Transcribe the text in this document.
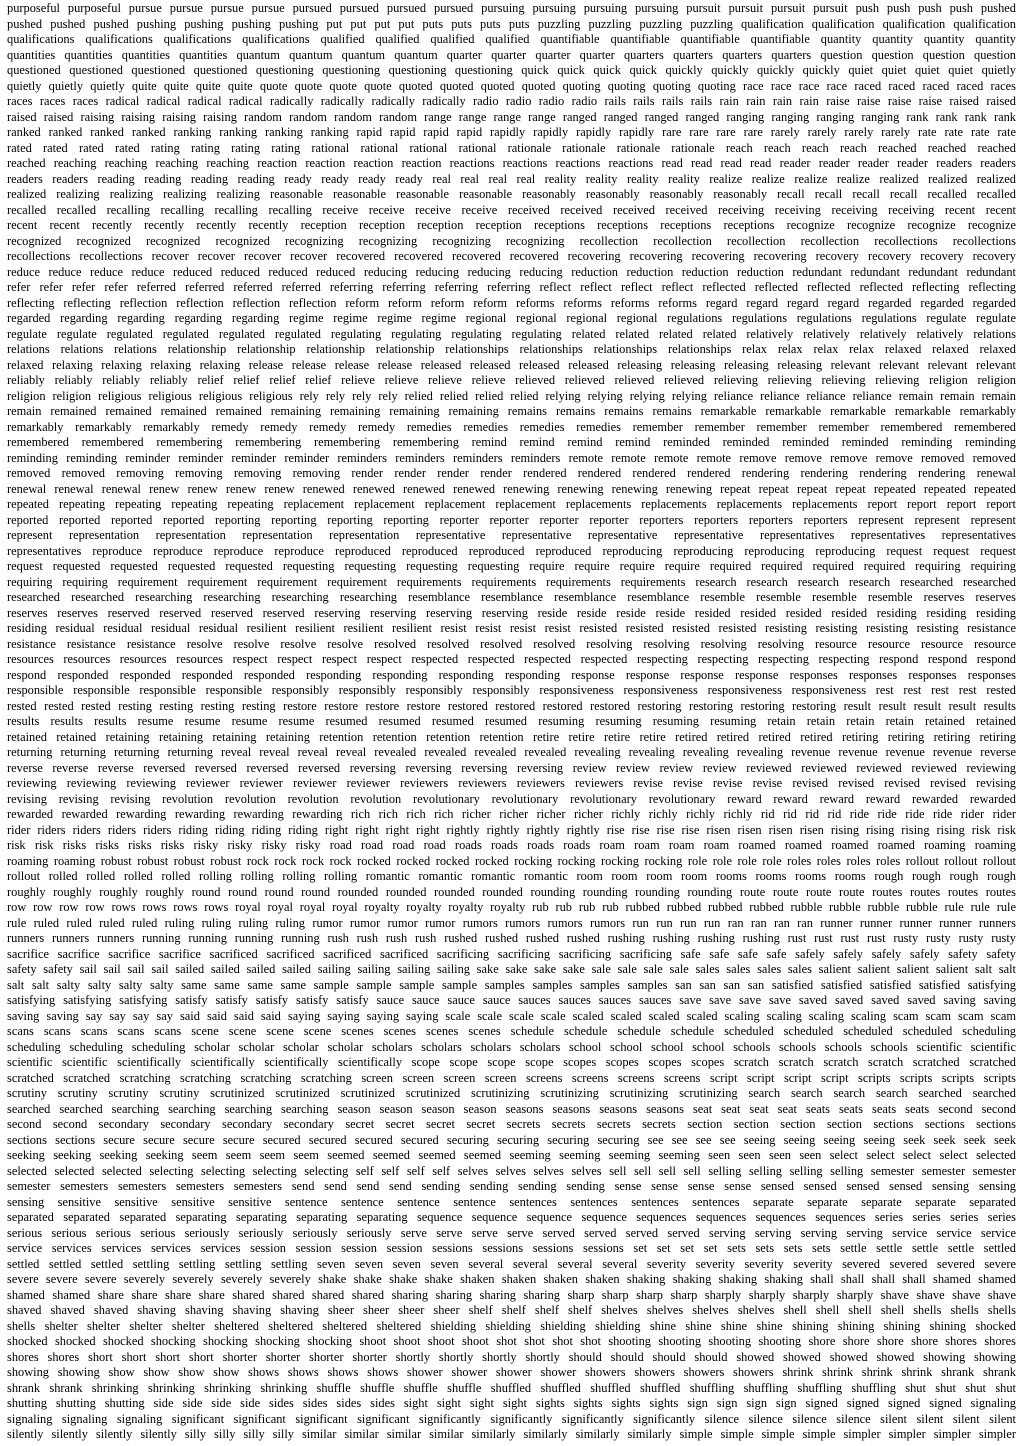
purposeful purposeful pursue pursue pursue pursue pursued pursued pursued pursued pursuing pursuing pursuing pursuing pursuit pursuit pursuit pursuit push push push push pushed
pushed pushed pushed pushing pushing pushing pushing put put put put puts puts puts puts puzzling puzzling puzzling puzzling qualification qualification qualification qualification
qualifications qualifications qualifications qualifications qualified qualified qualified qualified quantifiable quantifiable quantifiable quantifiable quantity quantity quantity quantity
quantities quantities quantities quantities quantum quantum quantum quantum quarter quarter quarter quarter quarters quarters quarters quarters question question question question
questioned questioned questioned questioned questioning questioning questioning questioning quick quick quick quick quickly quickly quickly quickly quiet quiet quiet quiet quietly
quietly quietly quietly quite quite quite quite quote quote quote quote quoted quoted quoted quoted quoting quoting quoting quoting race race race race raced raced raced raced races
races races races radical radical radical radical radically radically radically radically radio radio radio radio rails rails rails rails rain rain rain rain raise raise raise raise raised raised
raised raised raising raising raising raising random random random random range range range range ranged ranged ranged ranged ranging ranging ranging ranging rank rank rank rank
ranked ranked ranked ranked ranking ranking ranking ranking rapid rapid rapid rapid rapidly rapidly rapidly rapidly rare rare rare rare rarely rarely rarely rarely rate rate rate rate
rated rated rated rated rating rating rating rating rational rational rational rational rationale rationale rationale rationale reach reach reach reach reached reached reached
reached reaching reaching reaching reaching reaction reaction reaction reaction reactions reactions reactions reactions read read read read reader reader reader reader readers readers
readers readers reading reading reading reading ready ready ready ready real real real real reality reality reality reality realize realize realize realize realized realized realized
realized realizing realizing realizing realizing reasonable reasonable reasonable reasonable reasonably reasonably reasonably reasonably recall recall recall recall recalled recalled
recalled recalled recalling recalling recalling recalling receive receive receive receive received received received received receiving receiving receiving receiving recent recent
recent recent recently recently recently recently reception reception reception reception receptions receptions receptions receptions recognize recognize recognize recognize
recognized recognized recognized recognized recognizing recognizing recognizing recognizing recollection recollection recollection recollection recollections recollections
recollections recollections recover recover recover recover recovered recovered recovered recovered recovering recovering recovering recovering recovery recovery recovery recovery
reduce reduce reduce reduce reduced reduced reduced reduced reducing reducing reducing reducing reduction reduction reduction reduction redundant redundant redundant redundant
refer refer refer refer referred referred referred referred referring referring referring referring reflect reflect reflect reflect reflected reflected reflected reflected reflecting reflecting
reflecting reflecting reflection reflection reflection reflection reform reform reform reform reforms reforms reforms reforms regard regard regard regard regarded regarded regarded
regarded regarding regarding regarding regarding regime regime regime regime regional regional regional regional regulations regulations regulations regulations regulate regulate
regulate regulate regulated regulated regulated regulated regulating regulating regulating regulating related related related related relatively relatively relatively relatively relations
relations relations relations relationship relationship relationship relationship relationships relationships relationships relationships relax relax relax relax relaxed relaxed relaxed
relaxed relaxing relaxing relaxing relaxing release release release release released released released released releasing releasing releasing releasing relevant relevant relevant relevant
reliably reliably reliably reliably relief relief relief relief relieve relieve relieve relieve relieved relieved relieved relieved relieving relieving relieving relieving religion religion
religion religion religious religious religious religious rely rely rely rely relied relied relied relied relying relying relying relying reliance reliance reliance reliance remain remain remain
remain remained remained remained remained remaining remaining remaining remaining remains remains remains remains remarkable remarkable remarkable remarkable remarkably
remarkably remarkably remarkably remedy remedy remedy remedy remedies remedies remedies remedies remember remember remember remember remembered remembered
remembered remembered remembering remembering remembering remembering remind remind remind remind reminded reminded reminded reminded reminding reminding
reminding reminding reminder reminder reminder reminder reminders reminders reminders reminders remote remote remote remote remove remove remove remove removed removed
removed removed removing removing removing removing render render render render rendered rendered rendered rendered rendering rendering rendering rendering renewal
renewal renewal renewal renew renew renew renew renewed renewed renewed renewed renewing renewing renewing renewing repeat repeat repeat repeat repeated repeated repeated
repeated repeating repeating repeating repeating replacement replacement replacement replacement replacements replacements replacements replacements report report report report
reported reported reported reported reporting reporting reporting reporting reporter reporter reporter reporter reporters reporters reporters reporters represent represent represent
represent representation representation representation representation representative representative representative representative representatives representatives representatives
representatives reproduce reproduce reproduce reproduce reproduced reproduced reproduced reproduced reproducing reproducing reproducing reproducing request request request
request requested requested requested requested requesting requesting requesting requesting require require require require required required required required requiring requiring
requiring requiring requirement requirement requirement requirement requirements requirements requirements requirements research research research research researched researched
researched researched researching researching researching researching resemblance resemblance resemblance resemblance resemble resemble resemble resemble reserves reserves
reserves reserves reserved reserved reserved reserved reserving reserving reserving reserving reside reside reside reside resided resided resided resided residing residing residing
residing residual residual residual residual resilient resilient resilient resilient resist resist resist resist resisted resisted resisted resisted resisting resisting resisting resisting resistance
resistance resistance resistance resolve resolve resolve resolve resolved resolved resolved resolved resolving resolving resolving resolving resource resource resource resource
resources resources resources resources respect respect respect respect respected respected respected respected respecting respecting respecting respecting respond respond respond
respond responded responded responded responded responding responding responding responding response response response response responses responses responses responses
responsible responsible responsible responsible responsibly responsibly responsibly responsibly responsiveness responsiveness responsiveness responsiveness rest rest rest rest rested
rested rested rested resting resting resting resting restore restore restore restore restored restored restored restored restoring restoring restoring restoring result result result result results
results results results resume resume resume resume resumed resumed resumed resumed resuming resuming resuming resuming retain retain retain retain retained retained
retained retained retaining retaining retaining retaining retention retention retention retention retire retire retire retire retired retired retired retired retiring retiring retiring retiring
returning returning returning returning reveal reveal reveal reveal revealed revealed revealed revealed revealing revealing revealing revealing revenue revenue revenue revenue reverse
reverse reverse reverse reversed reversed reversed reversed reversing reversing reversing reversing review review review review reviewed reviewed reviewed reviewed reviewing
reviewing reviewing reviewing reviewer reviewer reviewer reviewer reviewers reviewers reviewers reviewers revise revise revise revise revised revised revised revised revising
revising revising revising revolution revolution revolution revolution revolutionary revolutionary revolutionary revolutionary reward reward reward reward rewarded rewarded
rewarded rewarded rewarding rewarding rewarding rewarding rich rich rich rich richer richer richer richer richly richly richly richly rid rid rid rid ride ride ride ride rider rider
rider riders riders riders riders riding riding riding riding right right right right rightly rightly rightly rightly rise rise rise rise risen risen risen risen rising rising rising rising risk risk
risk risk risks risks risks risks risky risky risky risky road road road road roads roads roads roads roam roam roam roam roamed roamed roamed roamed roaming roaming
roaming roaming robust robust robust robust rock rock rock rock rocked rocked rocked rocked rocking rocking rocking rocking role role role role roles roles roles roles rollout rollout rollout
rollout rolled rolled rolled rolled rolling rolling rolling rolling romantic romantic romantic romantic room room room room rooms rooms rooms rooms rough rough rough rough
roughly roughly roughly roughly round round round round rounded rounded rounded rounded rounding rounding rounding rounding route route route route routes routes routes routes
row row row row rows rows rows rows royal royal royal royal royalty royalty royalty royalty rub rub rub rub rubbed rubbed rubbed rubbed rubble rubble rubble rubble rule rule rule
rule ruled ruled ruled ruled ruling ruling ruling ruling rumor rumor rumor rumor rumors rumors rumors rumors run run run run ran ran ran ran runner runner runner runner runners
runners runners runners running running running running rush rush rush rush rushed rushed rushed rushed rushing rushing rushing rushing rust rust rust rust rusty rusty rusty rusty
sacrifice sacrifice sacrifice sacrifice sacrificed sacrificed sacrificed sacrificed sacrificing sacrificing sacrificing sacrificing safe safe safe safe safely safely safely safely safety safety
safety safety sail sail sail sail sailed sailed sailed sailed sailing sailing sailing sailing sake sake sake sake sale sale sale sale sales sales sales sales salient salient salient salient salt salt
salt salt salty salty salty salty same same same same sample sample sample sample samples samples samples samples san san san san satisfied satisfied satisfied satisfied satisfying
satisfying satisfying satisfying satisfy satisfy satisfy satisfy satisfy sauce sauce sauce sauce sauces sauces sauces sauces save save save save saved saved saved saved saving saving
saving saving say say say say said said said said saying saying saying saying scale scale scale scale scaled scaled scaled scaled scaling scaling scaling scaling scam scam scam scam
scans scans scans scans scans scene scene scene scene scenes scenes scenes scenes schedule schedule schedule schedule scheduled scheduled scheduled scheduled scheduling
scheduling scheduling scheduling scholar scholar scholar scholar scholars scholars scholars scholars school school school school schools schools schools schools scientific scientific
scientific scientific scientifically scientifically scientifically scientifically scope scope scope scope scopes scopes scopes scopes scratch scratch scratch scratch scratched scratched
scratched scratched scratching scratching scratching scratching screen screen screen screen screens screens screens screens script script script script scripts scripts scripts scripts
scrutiny scrutiny scrutiny scrutiny scrutinized scrutinized scrutinized scrutinized scrutinizing scrutinizing scrutinizing scrutinizing search search search search searched searched
searched searched searching searching searching searching season season season season seasons seasons seasons seasons seat seat seat seat seats seats seats seats second second
second second secondary secondary secondary secondary secret secret secret secret secrets secrets secrets secrets section section section section sections sections sections
sections sections secure secure secure secure secured secured secured secured securing securing securing securing see see see see seeing seeing seeing seeing seek seek seek seek
seeking seeking seeking seeking seem seem seem seem seemed seemed seemed seemed seeming seeming seeming seeming seen seen seen seen select select select select selected
selected selected selected selecting selecting selecting selecting self self self self selves selves selves selves sell sell sell sell selling selling selling selling semester semester semester
semester semesters semesters semesters semesters send send send send sending sending sending sending sense sense sense sense sensed sensed sensed sensed sensing sensing
sensing sensitive sensitive sensitive sensitive sentence sentence sentence sentence sentences sentences sentences sentences separate separate separate separate separated
separated separated separated separating separating separating separating sequence sequence sequence sequence sequences sequences sequences sequences series series series series
serious serious serious serious seriously seriously seriously seriously serve serve serve serve served served served served serving serving serving serving service service service
service services services services services session session session session sessions sessions sessions sessions set set set set sets sets sets sets settle settle settle settle settled
settled settled settled settling settling settling settling seven seven seven seven several several several several severity severity severity severity severed severed severed severe
severe severe severe severely severely severely severely shake shake shake shake shaken shaken shaken shaken shaking shaking shaking shaking shall shall shall shall shamed shamed
shamed shamed share share share share shared shared shared shared sharing sharing sharing sharing sharp sharp sharp sharp sharply sharply sharply sharply shave shave shave shave
shaved shaved shaved shaving shaving shaving shaving sheer sheer sheer sheer shelf shelf shelf shelf shelves shelves shelves shelves shell shell shell shell shells shells shells
shells shelter shelter shelter shelter sheltered sheltered sheltered sheltered shielding shielding shielding shielding shine shine shine shine shining shining shining shining shocked
shocked shocked shocked shocking shocking shocking shocking shoot shoot shoot shoot shot shot shot shot shooting shooting shooting shooting shore shore shore shore shores shores
shores shores short short short short shorter shorter shorter shorter shortly shortly shortly shortly should should should should showed showed showed showed showing showing
showing showing show show show show shows shows shows shows shower shower shower shower showers showers showers showers shrink shrink shrink shrink shrank shrank
shrank shrank shrinking shrinking shrinking shrinking shuffle shuffle shuffle shuffle shuffled shuffled shuffled shuffled shuffling shuffling shuffling shuffling shut shut shut shut
shutting shutting shutting side side side side sides sides sides sides sight sight sight sight sights sights sights sights sign sign sign sign signed signed signed signed signaling
signaling signaling signaling significant significant significant significant significantly significantly significantly significantly silence silence silence silence silent silent silent silent
silently silently silently silently silly silly silly silly similar similar similar similar similarly similarly similarly similarly simple simple simple simple simpler simpler simpler simpler
